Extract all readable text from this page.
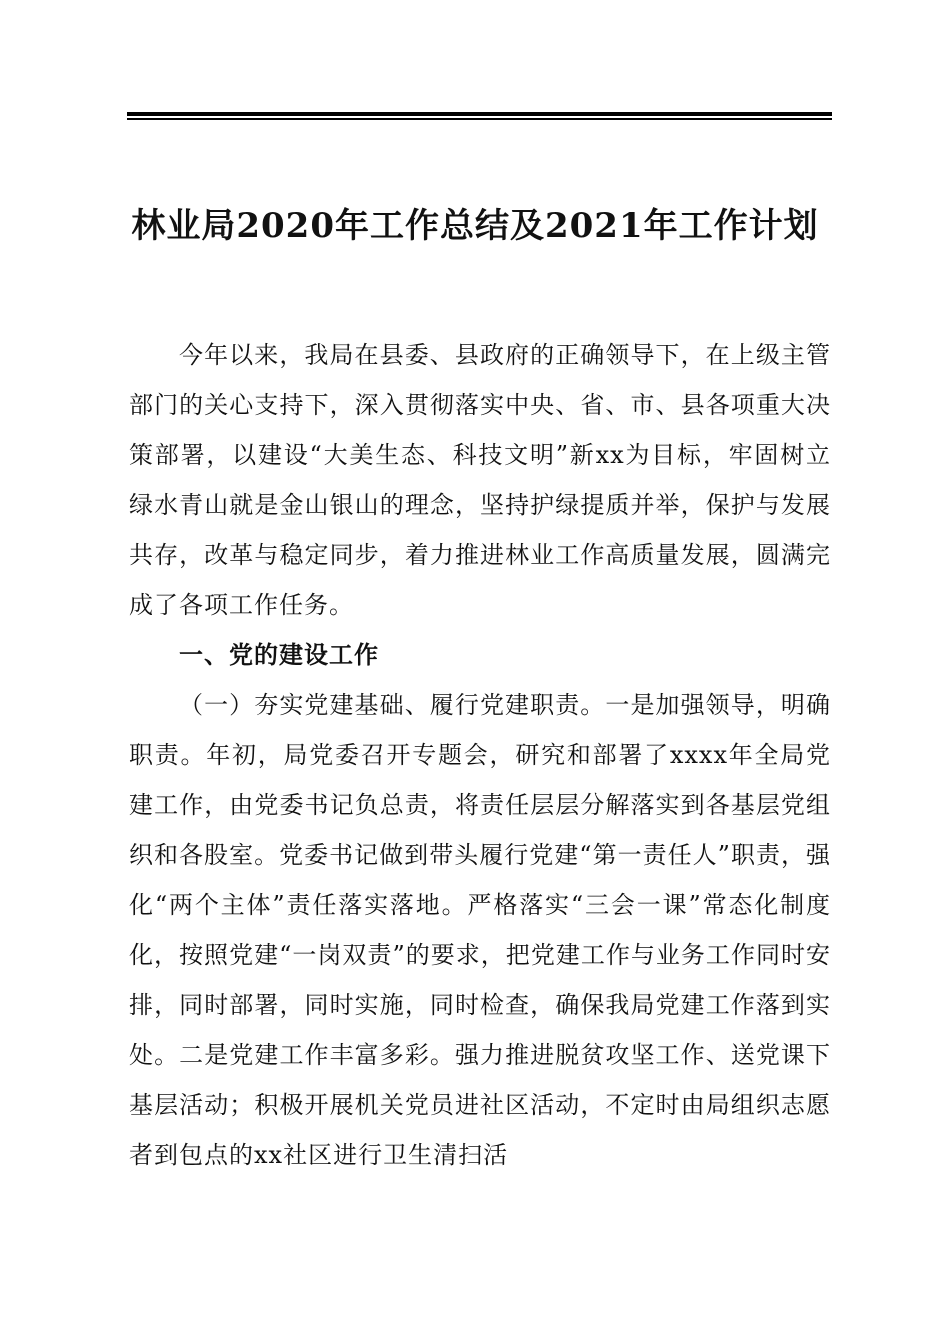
林业局2020年工作总结及2021年工作计划

今年以来，我局在县委、县政府的正确领导下，在上级主管部门的关心支持下，深入贯彻落实中央、省、市、县各项重大决策部署，以建设“大美生态、科技文明”新xx为目标，牢固树立绿水青山就是金山银山的理念，坚持护绿提质并举，保护与发展共存，改革与稳定同步，着力推进林业工作高质量发展，圆满完成了各项工作任务。

一、党的建设工作

（一）夯实党建基础、履行党建职责。一是加强领导，明确职责。年初，局党委召开专题会，研究和部署了xxxx年全局党建工作，由党委书记负总责，将责任层层分解落实到各基层党组织和各股室。党委书记做到带头履行党建“第一责任人”职责，强化“两个主体”责任落实落地。严格落实“三会一课”常态化制度化，按照党建“一岗双责”的要求，把党建工作与业务工作同时安排，同时部署，同时实施，同时检查，确保我局党建工作落到实处。二是党建工作丰富多彩。强力推进脱贫攻坚工作、送党课下基层活动；积极开展机关党员进社区活动，不定时由局组织志愿者到包点的xx社区进行卫生清扫活
